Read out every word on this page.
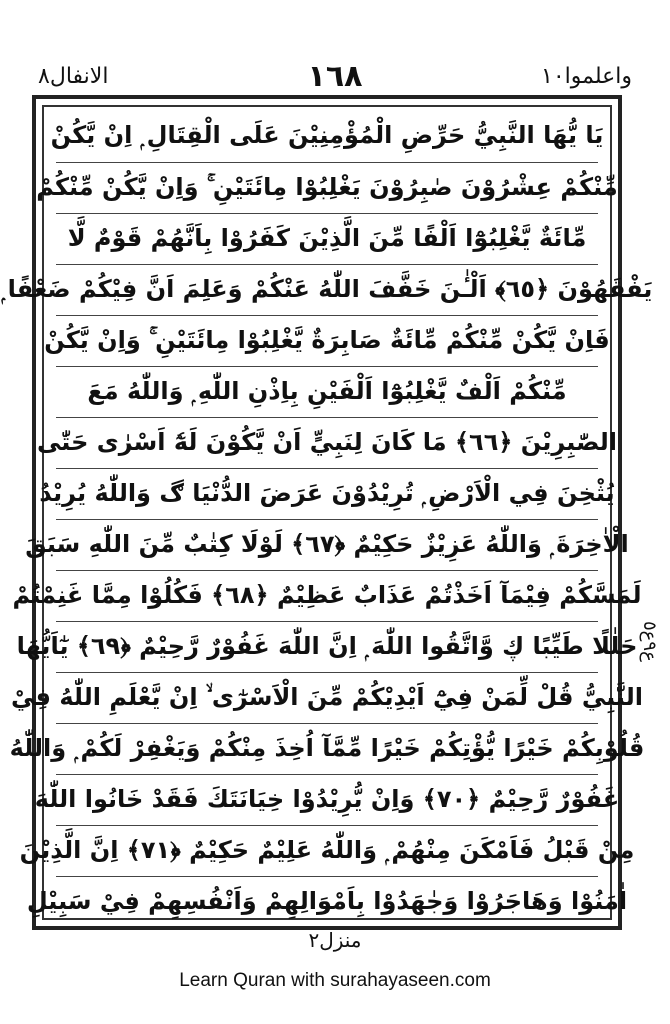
واعلموا١٠
١٦٨
الانفال٨
يَا يُّهَا النَّبِيُّ حَرِّضِ الْمُؤْمِنِيْنَ عَلَى الْقِتَالِ ۭ اِنْ يَّكُنْ
مِّنْكُمْ عِشْرُوْنَ صٰبِرُوْنَ يَغْلِبُوْا مِائَتَيْنِ ۚ وَاِنْ يَّكُنْ مِّنْكُمْ
مِّائَةٌ يَّغْلِبُوْٓا اَلْفًا مِّنَ الَّذِيْنَ كَفَرُوْا بِاَنَّهُمْ قَوْمٌ لَّا
يَفْقَهُوْنَ ﴿٦٥﴾ اَلْـٰٔنَ خَفَّفَ اللّٰهُ عَنْكُمْ وَعَلِمَ اَنَّ فِيْكُمْ ضَعْفًا ۭ
فَاِنْ يَّكُنْ مِّنْكُمْ مِّائَةٌ صَابِرَةٌ يَّغْلِبُوْا مِائَتَيْنِ ۚ وَاِنْ يَّكُنْ
مِّنْكُمْ اَلْفٌ يَّغْلِبُوْٓا اَلْفَيْنِ بِاِذْنِ اللّٰهِ ۭ وَاللّٰهُ مَعَ
الصّٰبِرِيْنَ ﴿٦٦﴾ مَا كَانَ لِنَبِيٍّ اَنْ يَّكُوْنَ لَهٗٓ اَسْرٰى حَتّٰى
يُثْخِنَ فِي الْاَرْضِ ۭ تُرِيْدُوْنَ عَرَضَ الدُّنْيَا ڰ وَاللّٰهُ يُرِيْدُ
الْاٰخِرَةَ ۭ وَاللّٰهُ عَزِيْزٌ حَكِيْمٌ ﴿٦٧﴾ لَوْلَا كِتٰبٌ مِّنَ اللّٰهِ سَبَقَ
لَمَسَّكُمْ فِيْمَآ اَخَذْتُمْ عَذَابٌ عَظِيْمٌ ﴿٦٨﴾ فَكُلُوْا مِمَّا غَنِمْتُمْ
حَلٰلًا طَيِّبًا ڮ وَّاتَّقُوا اللّٰهَ ۭ اِنَّ اللّٰهَ غَفُوْرٌ رَّحِيْمٌ ﴿٦٩﴾ يٰٓاَيُّهَا
النَّبِيُّ قُلْ لِّمَنْ فِيْٓ اَيْدِيْكُمْ مِّنَ الْاَسْرٰٓى ۙ اِنْ يَّعْلَمِ اللّٰهُ فِيْ
قُلُوْبِكُمْ خَيْرًا يُّؤْتِكُمْ خَيْرًا مِّمَّآ اُخِذَ مِنْكُمْ وَيَغْفِرْ لَكُمْ ۭ وَاللّٰهُ
غَفُوْرٌ رَّحِيْمٌ ﴿٧٠﴾ وَاِنْ يُّرِيْدُوْا خِيَانَتَكَ فَقَدْ خَانُوا اللّٰهَ
مِنْ قَبْلُ فَاَمْكَنَ مِنْهُمْ ۭ وَاللّٰهُ عَلِيْمٌ حَكِيْمٌ ﴿٧١﴾ اِنَّ الَّذِيْنَ
اٰمَنُوْا وَهَاجَرُوْا وَجٰهَدُوْا بِاَمْوَالِهِمْ وَاَنْفُسِهِمْ فِيْ سَبِيْلِ
ع٩ع٥
منزل٢
Learn Quran with surahayaseen.com
